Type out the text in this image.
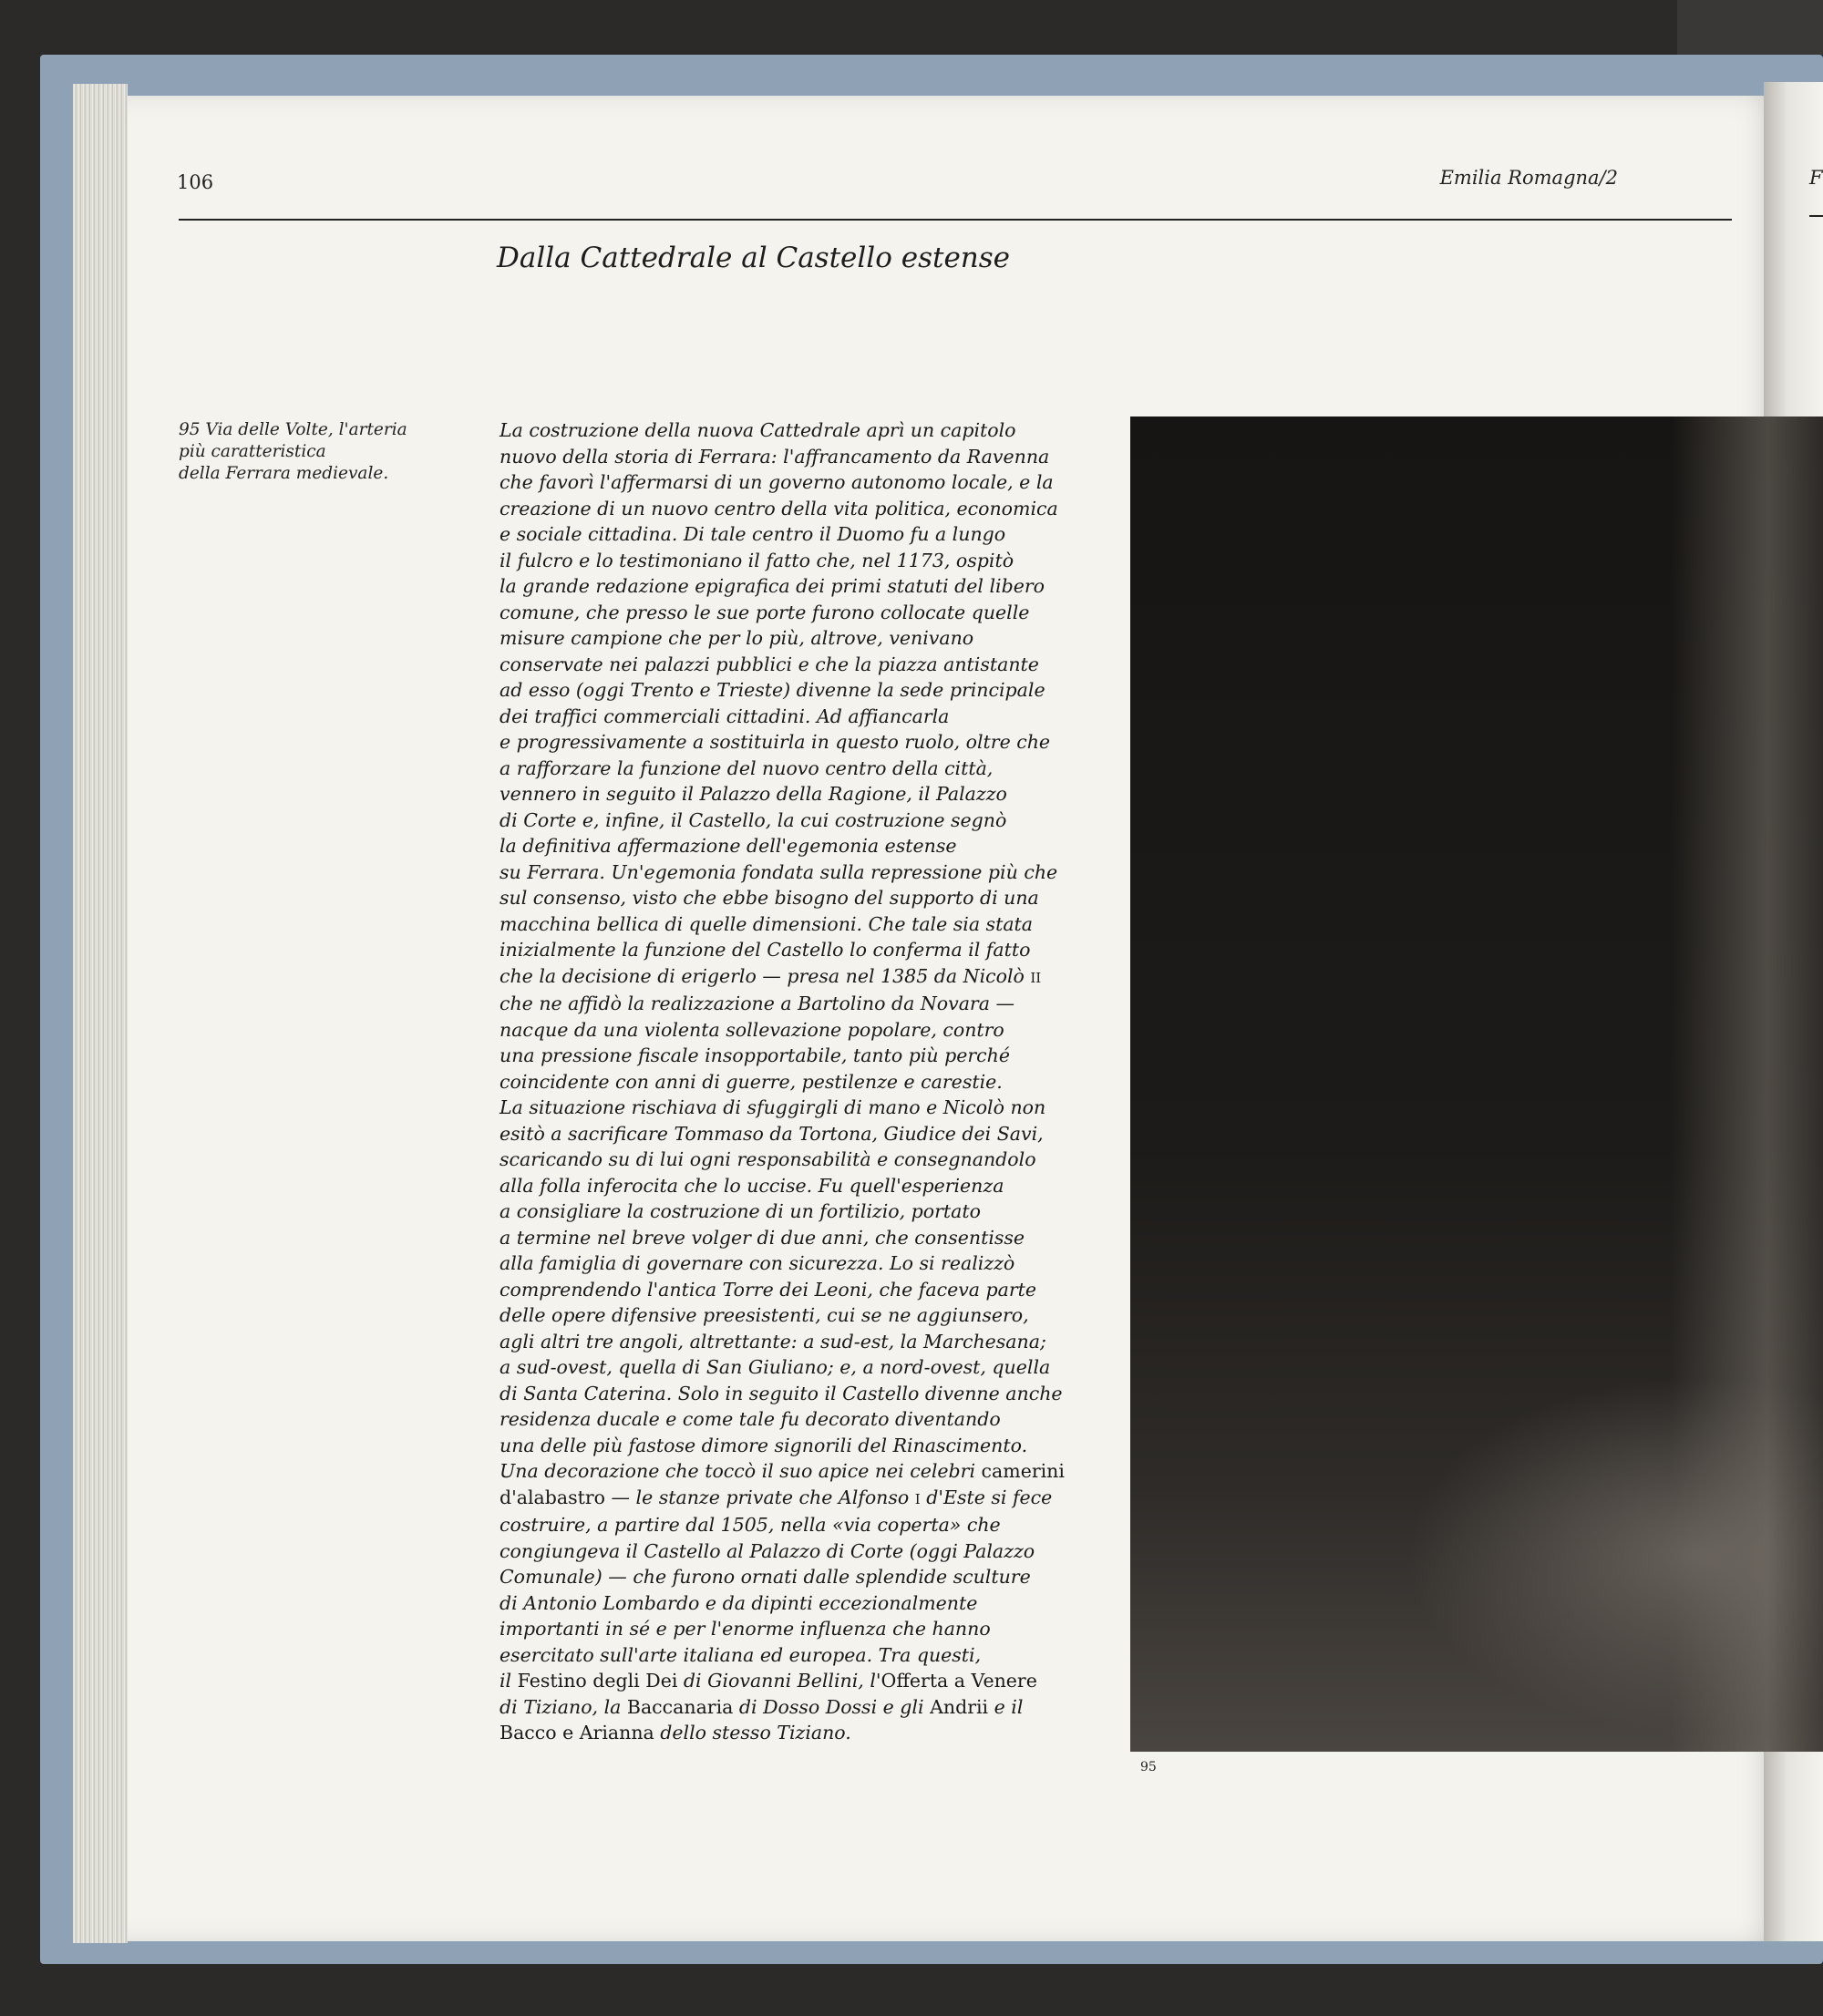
106	Emilia Romagna/2	F
Dalla Cattedrale al Castello estense
95 Via delle Volte, l'arteria
più caratteristica
della Ferrara medievale.
La costruzione della nuova Cattedrale aprì un capitolo
nuovo della storia di Ferrara: l'affrancamento da Ravenna
che favorì l'affermarsi di un governo autonomo locale, e la
creazione di un nuovo centro della vita politica, economica
e sociale cittadina. Di tale centro il Duomo fu a lungo
il fulcro e lo testimoniano il fatto che, nel 1173, ospitò
la grande redazione epigrafica dei primi statuti del libero
comune, che presso le sue porte furono collocate quelle
misure campione che per lo più, altrove, venivano
conservate nei palazzi pubblici e che la piazza antistante
ad esso (oggi Trento e Trieste) divenne la sede principale
dei traffici commerciali cittadini. Ad affiancarla
e progressivamente a sostituirla in questo ruolo, oltre che
a rafforzare la funzione del nuovo centro della città,
vennero in seguito il Palazzo della Ragione, il Palazzo
di Corte e, infine, il Castello, la cui costruzione segnò
la definitiva affermazione dell'egemonia estense
su Ferrara. Un'egemonia fondata sulla repressione più che
sul consenso, visto che ebbe bisogno del supporto di una
macchina bellica di quelle dimensioni. Che tale sia stata
inizialmente la funzione del Castello lo conferma il fatto
che la decisione di erigerlo — presa nel 1385 da Nicolò II
che ne affidò la realizzazione a Bartolino da Novara —
nacque da una violenta sollevazione popolare, contro
una pressione fiscale insopportabile, tanto più perché
coincidente con anni di guerre, pestilenze e carestie.
La situazione rischiava di sfuggirgli di mano e Nicolò non
esitò a sacrificare Tommaso da Tortona, Giudice dei Savi,
scaricando su di lui ogni responsabilità e consegnandolo
alla folla inferocita che lo uccise. Fu quell'esperienza
a consigliare la costruzione di un fortilizio, portato
a termine nel breve volger di due anni, che consentisse
alla famiglia di governare con sicurezza. Lo si realizzò
comprendendo l'antica Torre dei Leoni, che faceva parte
delle opere difensive preesistenti, cui se ne aggiunsero,
agli altri tre angoli, altrettante: a sud-est, la Marchesana;
a sud-ovest, quella di San Giuliano; e, a nord-ovest, quella
di Santa Caterina. Solo in seguito il Castello divenne anche
residenza ducale e come tale fu decorato diventando
una delle più fastose dimore signorili del Rinascimento.
Una decorazione che toccò il suo apice nei celebri camerini
d'alabastro — le stanze private che Alfonso I d'Este si fece
costruire, a partire dal 1505, nella «via coperta» che
congiungeva il Castello al Palazzo di Corte (oggi Palazzo
Comunale) — che furono ornati dalle splendide sculture
di Antonio Lombardo e da dipinti eccezionalmente
importanti in sé e per l'enorme influenza che hanno
esercitato sull'arte italiana ed europea. Tra questi,
il Festino degli Dei di Giovanni Bellini, l'Offerta a Venere
di Tiziano, la Baccanaria di Dosso Dossi e gli Andrii e il
Bacco e Arianna dello stesso Tiziano.
95
